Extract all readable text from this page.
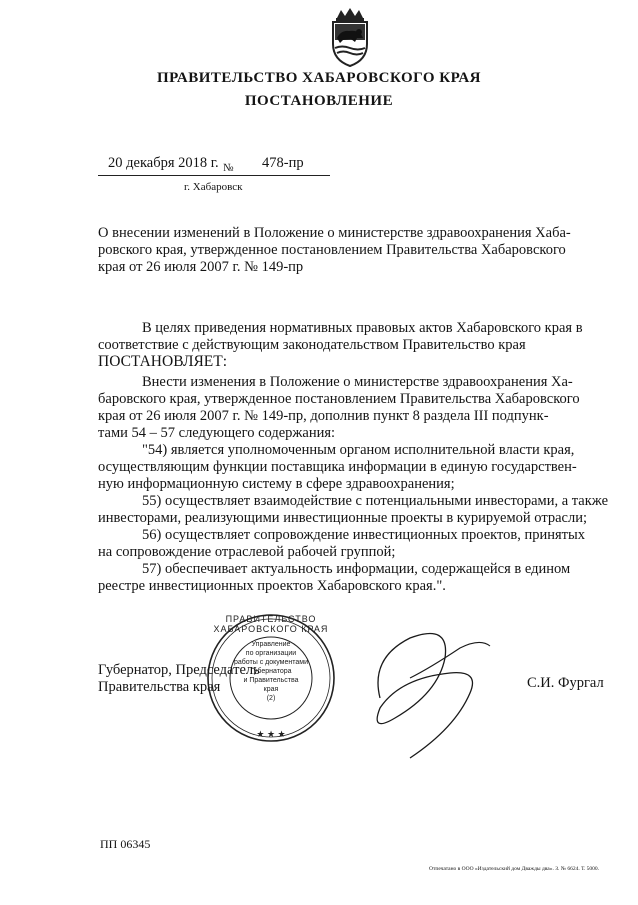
ПРАВИТЕЛЬСТВО ХАБАРОВСКОГО КРАЯ
ПОСТАНОВЛЕНИЕ
20 декабря 2018 г. № 478-пр
г. Хабаровск
О внесении изменений в Положение о министерстве здравоохранения Хаба-
ровского края, утвержденное постановлением Правительства Хабаровского
края от 26 июля 2007 г. № 149-пр
В целях приведения нормативных правовых актов Хабаровского края в
соответствие с действующим законодательством Правительство края
ПОСТАНОВЛЯЕТ:
Внести изменения в Положение о министерстве здравоохранения Ха-
баровского края, утвержденное постановлением Правительства Хабаровского
края от 26 июля 2007 г. № 149-пр, дополнив пункт 8 раздела III подпунк-
тами 54 – 57 следующего содержания:
"54) является уполномоченным органом исполнительной власти края,
осуществляющим функции поставщика информации в единую государствен-
ную информационную систему в сфере здравоохранения;
55) осуществляет взаимодействие с потенциальными инвесторами, а также
инвесторами, реализующими инвестиционные проекты в курируемой отрасли;
56) осуществляет сопровождение инвестиционных проектов, принятых
на сопровождение отраслевой рабочей группой;
57) обеспечивает актуальность информации, содержащейся в едином
реестре инвестиционных проектов Хабаровского края.".
★ ★ ★
ПРАВИТЕЛЬСТВО ХАБАРОВСКОГО КРАЯ
Управление
по организации
работы с документами
Губернатора
и Правительства
края
(2)
Губернатор, Председатель
Правительства края	С.И. Фургал
ПП 06345
Отпечатано в ООО «Издательский дом Дважды два». З. № 6624. Т. 5000.
